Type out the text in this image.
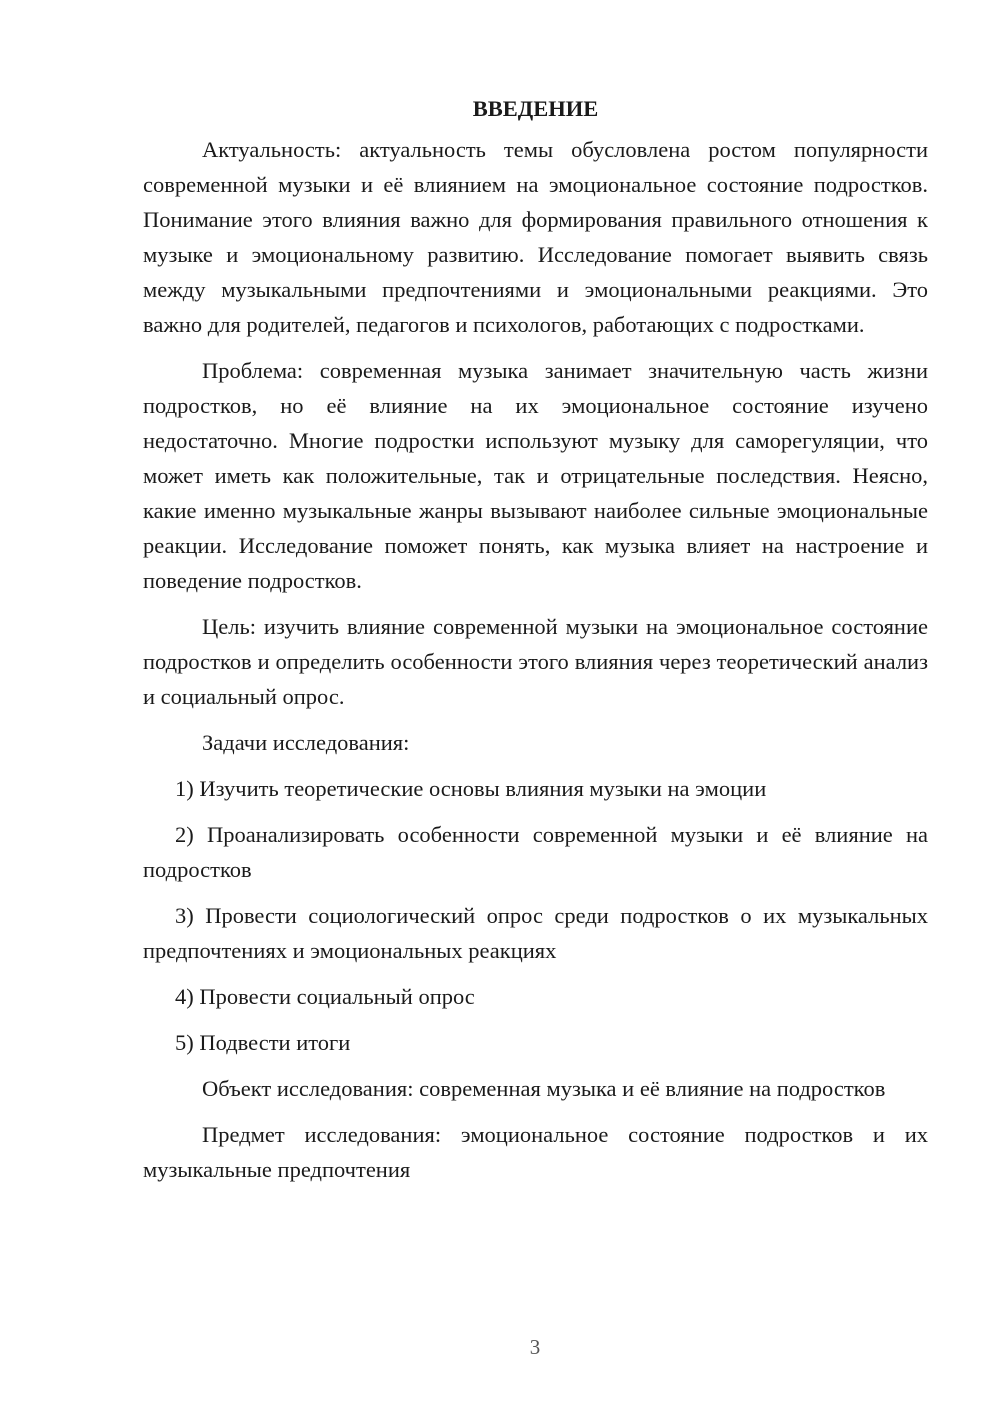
ВВЕДЕНИЕ

Актуальность: актуальность темы обусловлена ростом популярности современной музыки и её влиянием на эмоциональное состояние подростков. Понимание этого влияния важно для формирования правильного отношения к музыке и эмоциональному развитию. Исследование помогает выявить связь между музыкальными предпочтениями и эмоциональными реакциями. Это важно для родителей, педагогов и психологов, работающих с подростками.

Проблема: современная музыка занимает значительную часть жизни подростков, но её влияние на их эмоциональное состояние изучено недостаточно. Многие подростки используют музыку для саморегуляции, что может иметь как положительные, так и отрицательные последствия. Неясно, какие именно музыкальные жанры вызывают наиболее сильные эмоциональные реакции. Исследование поможет понять, как музыка влияет на настроение и поведение подростков.

Цель: изучить влияние современной музыки на эмоциональное состояние подростков и определить особенности этого влияния через теоретический анализ и социальный опрос.

Задачи исследования:

1) Изучить теоретические основы влияния музыки на эмоции

2) Проанализировать особенности современной музыки и её влияние на подростков

3) Провести социологический опрос среди подростков о их музыкальных предпочтениях и эмоциональных реакциях

4) Провести социальный опрос

5) Подвести итоги

Объект исследования: современная музыка и её влияние на подростков

Предмет исследования: эмоциональное состояние подростков и их музыкальные предпочтения

3
